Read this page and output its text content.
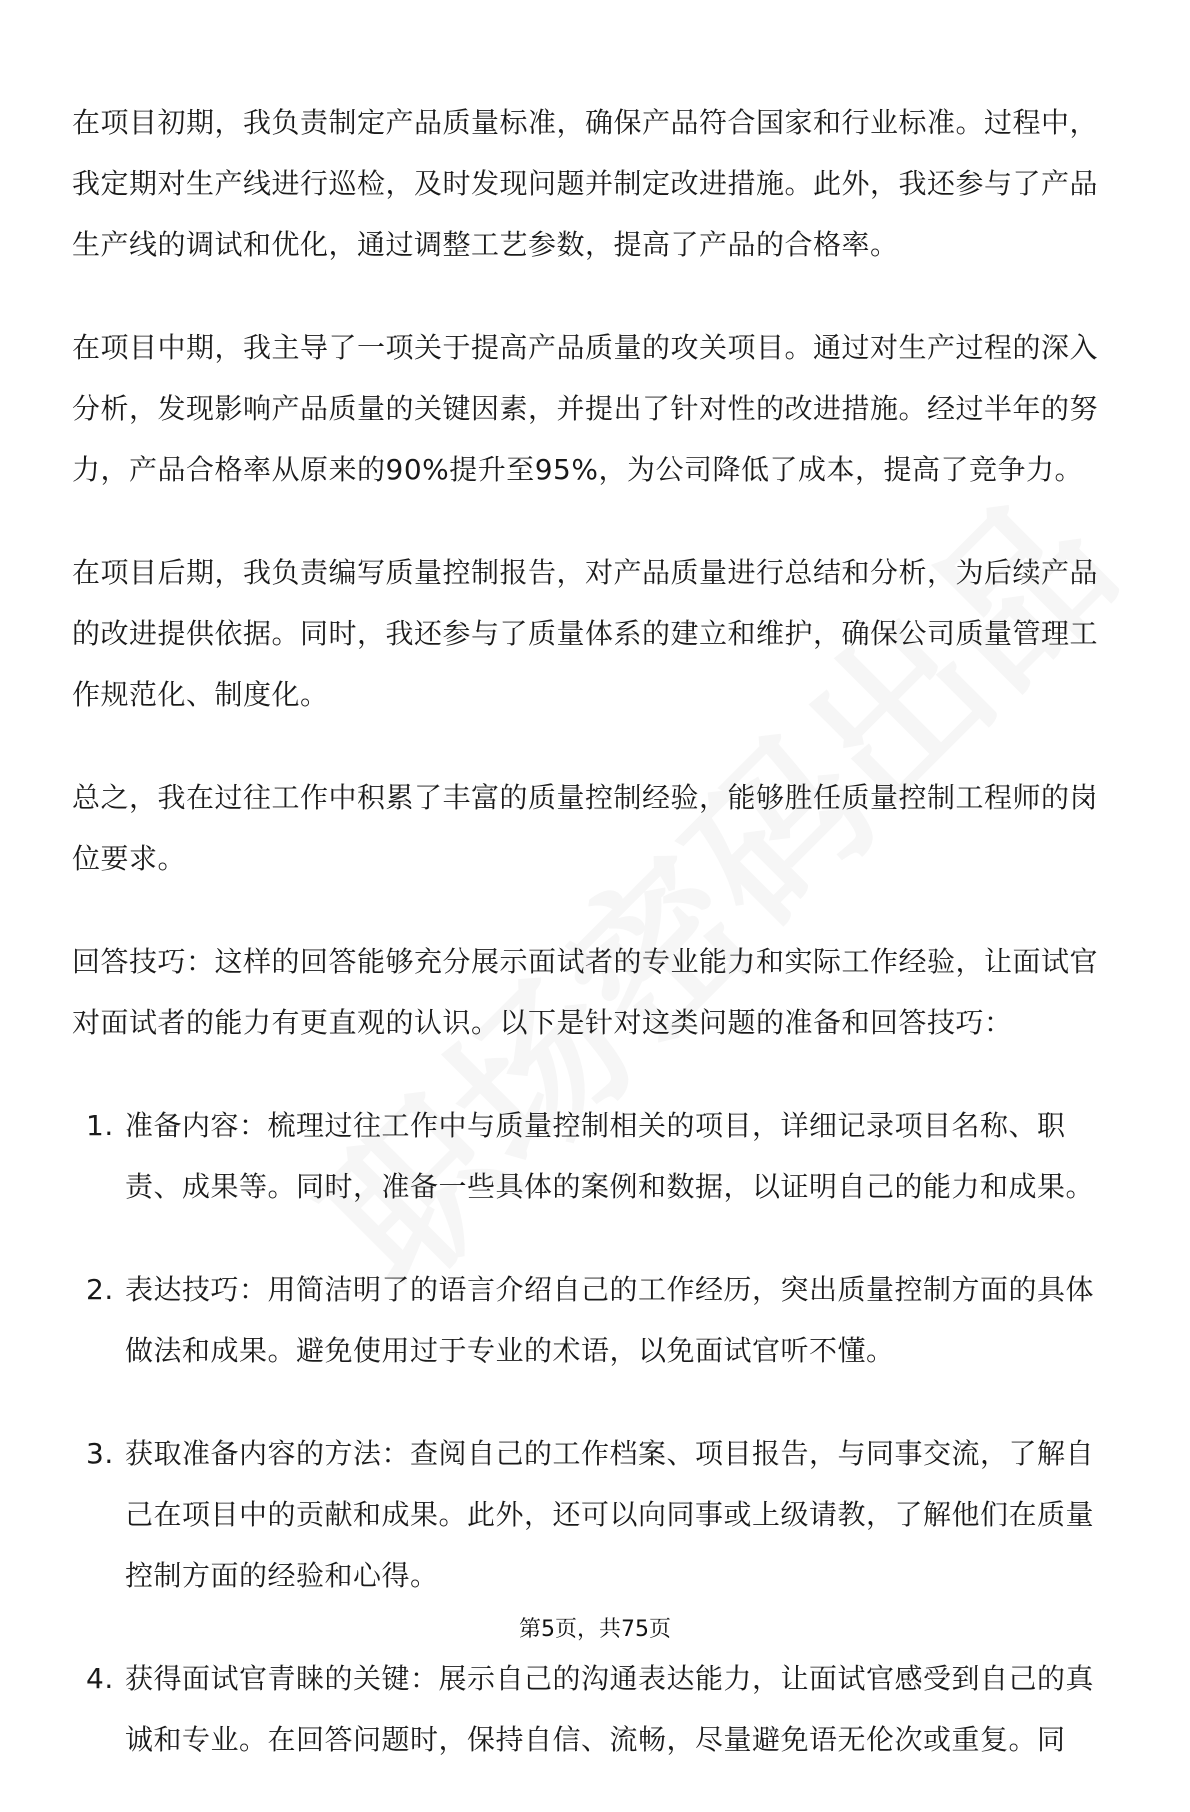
在项目初期，我负责制定产品质量标准，确保产品符合国家和行业标准。过程中，我定期对生产线进行巡检，及时发现问题并制定改进措施。此外，我还参与了产品生产线的调试和优化，通过调整工艺参数，提高了产品的合格率。

在项目中期，我主导了一项关于提高产品质量的攻关项目。通过对生产过程的深入分析，发现影响产品质量的关键因素，并提出了针对性的改进措施。经过半年的努力，产品合格率从原来的90%提升至95%，为公司降低了成本，提高了竞争力。

在项目后期，我负责编写质量控制报告，对产品质量进行总结和分析，为后续产品的改进提供依据。同时，我还参与了质量体系的建立和维护，确保公司质量管理工作规范化、制度化。

总之，我在过往工作中积累了丰富的质量控制经验，能够胜任质量控制工程师的岗位要求。

回答技巧：这样的回答能够充分展示面试者的专业能力和实际工作经验，让面试官对面试者的能力有更直观的认识。以下是针对这类问题的准备和回答技巧：

1. 准备内容：梳理过往工作中与质量控制相关的项目，详细记录项目名称、职责、成果等。同时，准备一些具体的案例和数据，以证明自己的能力和成果。
2. 表达技巧：用简洁明了的语言介绍自己的工作经历，突出质量控制方面的具体做法和成果。避免使用过于专业的术语，以免面试官听不懂。
3. 获取准备内容的方法：查阅自己的工作档案、项目报告，与同事交流，了解自己在项目中的贡献和成果。此外，还可以向同事或上级请教，了解他们在质量控制方面的经验和心得。
4. 获得面试官青睐的关键：展示自己的沟通表达能力，让面试官感受到自己的真诚和专业。在回答问题时，保持自信、流畅，尽量避免语无伦次或重复。同
第5页，共75页
